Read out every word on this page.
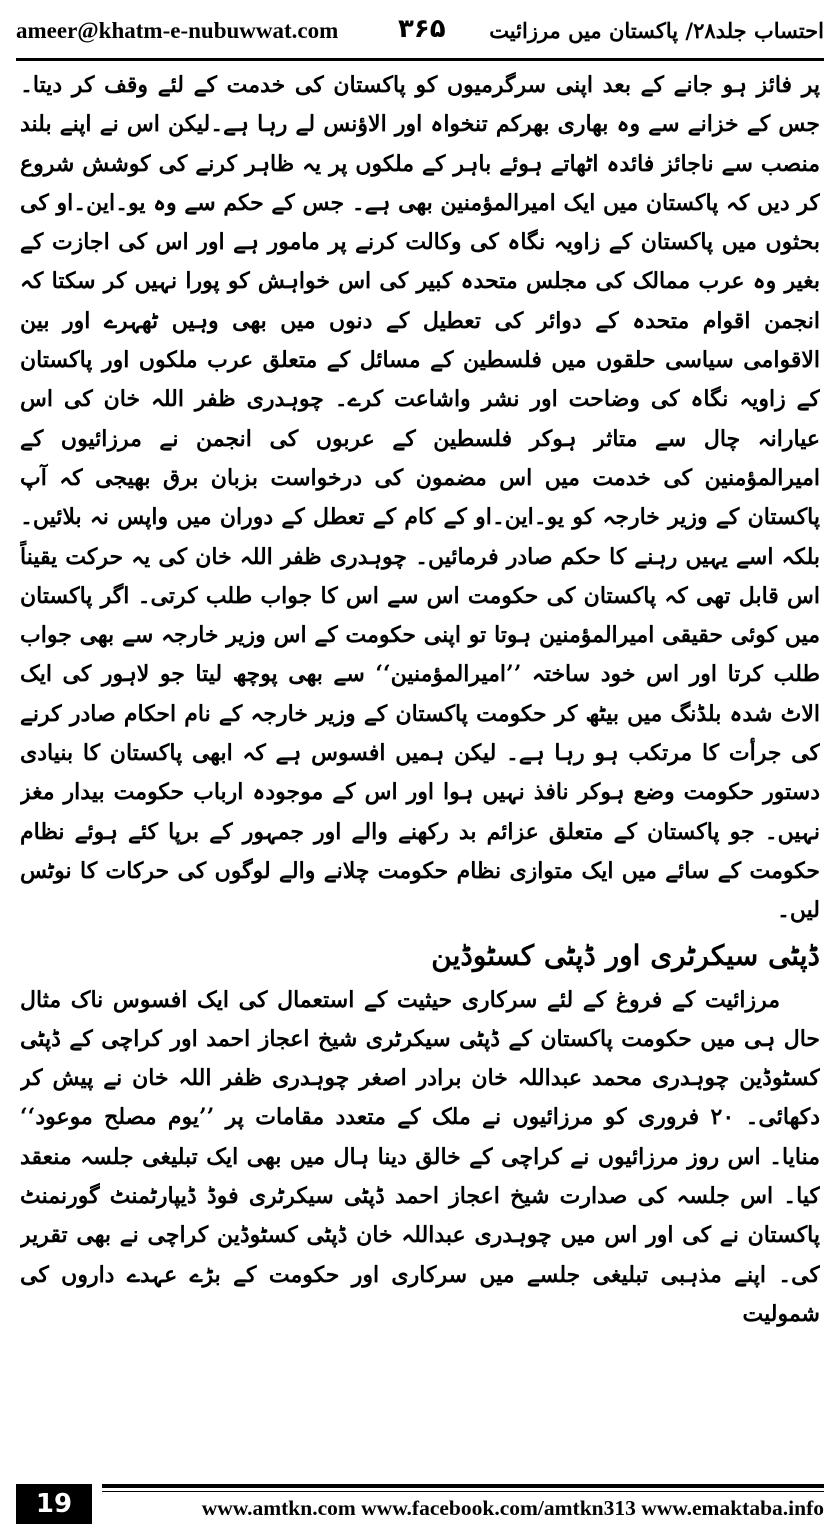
ameer@khatm-e-nubuwwat.com ۳۶۵ احتساب جلد۲۸/ پاکستان میں مرزائیت

پر فائز ہو جانے کے بعد اپنی سرگرمیوں کو پاکستان کی خدمت کے لئے وقف کر دیتا۔ جس کے خزانے سے وہ بھاری بھرکم تنخواہ اور الاؤنس لے رہا ہے۔لیکن اس نے اپنے بلند منصب سے ناجائز فائدہ اٹھاتے ہوئے باہر کے ملکوں پر یہ ظاہر کرنے کی کوشش شروع کر دیں کہ پاکستان میں ایک امیرالمؤمنین بھی ہے۔ جس کے حکم سے وہ یو۔این۔او کی بحثوں میں پاکستان کے زاویہ نگاہ کی وکالت کرنے پر مامور ہے اور اس کی اجازت کے بغیر وہ عرب ممالک کی مجلس متحدہ کبیر کی اس خواہش کو پورا نہیں کر سکتا کہ انجمن اقوام متحدہ کے دوائر کی تعطیل کے دنوں میں بھی وہیں ٹھہرے اور بین الاقوامی سیاسی حلقوں میں فلسطین کے مسائل کے متعلق عرب ملکوں اور پاکستان کے زاویہ نگاہ کی وضاحت اور نشر واشاعت کرے۔ چوہدری ظفر اللہ خان کی اس عیارانہ چال سے متاثر ہوکر فلسطین کے عربوں کی انجمن نے مرزائیوں کے امیرالمؤمنین کی خدمت میں اس مضمون کی درخواست بزبان برق بھیجی کہ آپ پاکستان کے وزیر خارجہ کو یو۔این۔او کے کام کے تعطل کے دوران میں واپس نہ بلائیں۔ بلکہ اسے یہیں رہنے کا حکم صادر فرمائیں۔ چوہدری ظفر اللہ خان کی یہ حرکت یقیناً اس قابل تھی کہ پاکستان کی حکومت اس سے اس کا جواب طلب کرتی۔ اگر پاکستان میں کوئی حقیقی امیرالمؤمنین ہوتا تو اپنی حکومت کے اس وزیر خارجہ سے بھی جواب طلب کرتا اور اس خود ساختہ ’’امیرالمؤمنین‘‘ سے بھی پوچھ لیتا جو لاہور کی ایک الاٹ شدہ بلڈنگ میں بیٹھ کر حکومت پاکستان کے وزیر خارجہ کے نام احکام صادر کرنے کی جرأت کا مرتکب ہو رہا ہے۔ لیکن ہمیں افسوس ہے کہ ابھی پاکستان کا بنیادی دستور حکومت وضع ہوکر نافذ نہیں ہوا اور اس کے موجودہ ارباب حکومت بیدار مغز نہیں۔ جو پاکستان کے متعلق عزائم بد رکھنے والے اور جمہور کے برپا کئے ہوئے نظام حکومت کے سائے میں ایک متوازی نظام حکومت چلانے والے لوگوں کی حرکات کا نوٹس لیں۔

ڈپٹی سیکرٹری اور ڈپٹی کسٹوڈین

مرزائیت کے فروغ کے لئے سرکاری حیثیت کے استعمال کی ایک افسوس ناک مثال حال ہی میں حکومت پاکستان کے ڈپٹی سیکرٹری شیخ اعجاز احمد اور کراچی کے ڈپٹی کسٹوڈین چوہدری محمد عبداللہ خان برادر اصغر چوہدری ظفر اللہ خان نے پیش کر دکھائی۔ ۲۰ فروری کو مرزائیوں نے ملک کے متعدد مقامات پر ’’یوم مصلح موعود‘‘ منایا۔ اس روز مرزائیوں نے کراچی کے خالق دینا ہال میں بھی ایک تبلیغی جلسہ منعقد کیا۔ اس جلسہ کی صدارت شیخ اعجاز احمد ڈپٹی سیکرٹری فوڈ ڈیپارٹمنٹ گورنمنٹ پاکستان نے کی اور اس میں چوہدری عبداللہ خان ڈپٹی کسٹوڈین کراچی نے بھی تقریر کی۔ اپنے مذہبی تبلیغی جلسے میں سرکاری اور حکومت کے بڑے عہدے داروں کی شمولیت

19	www.amtkn.com www.facebook.com/amtkn313 www.emaktaba.info
